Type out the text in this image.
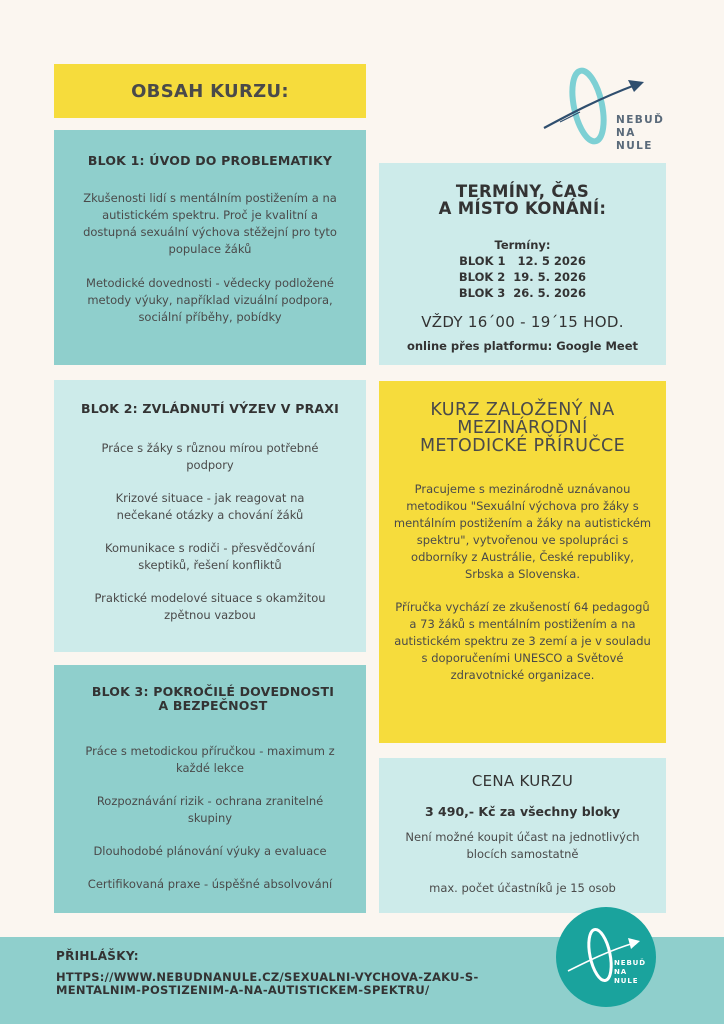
OBSAH KURZU:
NEBUĎ
NA
NULE
BLOK 1: ÚVOD DO PROBLEMATIKY

Zkušenosti lidí s mentálním postižením a na autistickém spektru. Proč je kvalitní a dostupná sexuální výchova stěžejní pro tyto populace žáků

Metodické dovednosti - vědecky podložené metody výuky, například vizuální podpora, sociální příběhy, pobídky

BLOK 2: ZVLÁDNUTÍ VÝZEV V PRAXI

Práce s žáky s různou mírou potřebné podpory

Krizové situace - jak reagovat na nečekané otázky a chování žáků

Komunikace s rodiči - přesvědčování skeptiků, řešení konfliktů

Praktické modelové situace s okamžitou zpětnou vazbou

BLOK 3: POKROČILÉ DOVEDNOSTI
A BEZPEČNOST

Práce s metodickou příručkou - maximum z každé lekce

Rozpoznávání rizik - ochrana zranitelné skupiny

Dlouhodobé plánování výuky a evaluace

Certifikovaná praxe - úspěšné absolvování

TERMÍNY, ČAS
A MÍSTO KONÁNÍ:
Termíny:
BLOK 1   12. 5 2026
BLOK 2  19. 5. 2026
BLOK 3  26. 5. 2026
VŽDY 16´00 - 19´15 HOD.
online přes platformu: Google Meet
KURZ ZALOŽENÝ NA
MEZINÁRODNÍ
METODICKÉ PŘÍRUČCE

Pracujeme s mezinárodně uznávanou metodikou "Sexuální výchova pro žáky s mentálním postižením a žáky na autistickém spektru", vytvořenou ve spolupráci s odborníky z Austrálie, České republiky, Srbska a Slovenska.

Příručka vychází ze zkušeností 64 pedagogů a 73 žáků s mentálním postižením a na autistickém spektru ze 3 zemí a je v souladu s doporučeními UNESCO a Světové zdravotnické organizace.

CENA KURZU
3 490,- Kč za všechny bloky

Není možné koupit účast na jednotlivých blocích samostatně

max. počet účastníků je 15 osob

PŘIHLÁŠKY:
HTTPS://WWW.NEBUDNANULE.CZ/SEXUALNI-VYCHOVA-ZAKU-S-MENTALNIM-POSTIZENIM-A-NA-AUTISTICKEM-SPEKTRU/
NEBUĎ
NA
NULE
